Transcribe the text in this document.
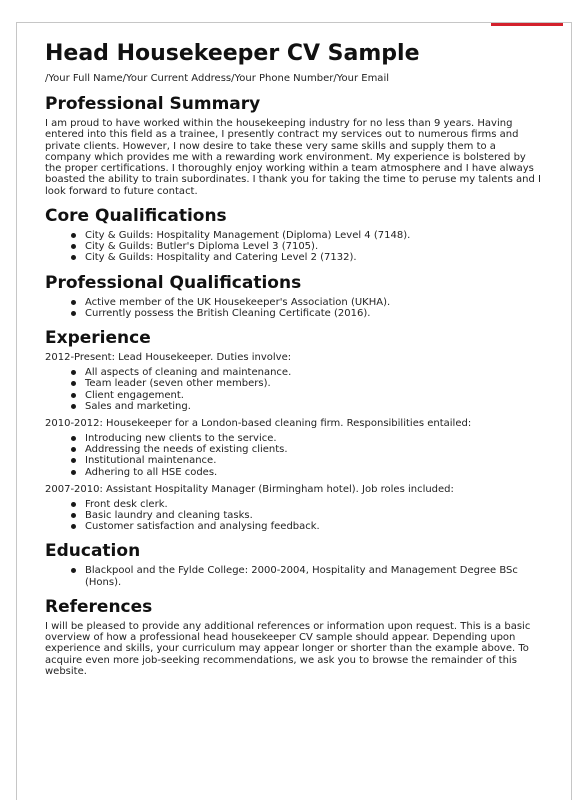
Head Housekeeper CV Sample

/Your Full Name/Your Current Address/Your Phone Number/Your Email

Professional Summary

I am proud to have worked within the housekeeping industry for no less than 9 years. Having entered into this field as a trainee, I presently contract my services out to numerous firms and private clients. However, I now desire to take these very same skills and supply them to a company which provides me with a rewarding work environment. My experience is bolstered by the proper certifications. I thoroughly enjoy working within a team atmosphere and I have always boasted the ability to train subordinates. I thank you for taking the time to peruse my talents and I look forward to future contact.

Core Qualifications
City & Guilds: Hospitality Management (Diploma) Level 4 (7148).
City & Guilds: Butler's Diploma Level 3 (7105).
City & Guilds: Hospitality and Catering Level 2 (7132).
Professional Qualifications
Active member of the UK Housekeeper's Association (UKHA).
Currently possess the British Cleaning Certificate (2016).
Experience

2012-Present: Lead Housekeeper. Duties involve:

All aspects of cleaning and maintenance.
Team leader (seven other members).
Client engagement.
Sales and marketing.

2010-2012: Housekeeper for a London-based cleaning firm. Responsibilities entailed:

Introducing new clients to the service.
Addressing the needs of existing clients.
Institutional maintenance.
Adhering to all HSE codes.

2007-2010: Assistant Hospitality Manager (Birmingham hotel). Job roles included:

Front desk clerk.
Basic laundry and cleaning tasks.
Customer satisfaction and analysing feedback.
Education
Blackpool and the Fylde College: 2000-2004, Hospitality and Management Degree BSc (Hons).
References

I will be pleased to provide any additional references or information upon request. This is a basic overview of how a professional head housekeeper CV sample should appear. Depending upon experience and skills, your curriculum may appear longer or shorter than the example above. To acquire even more job-seeking recommendations, we ask you to browse the remainder of this website.
